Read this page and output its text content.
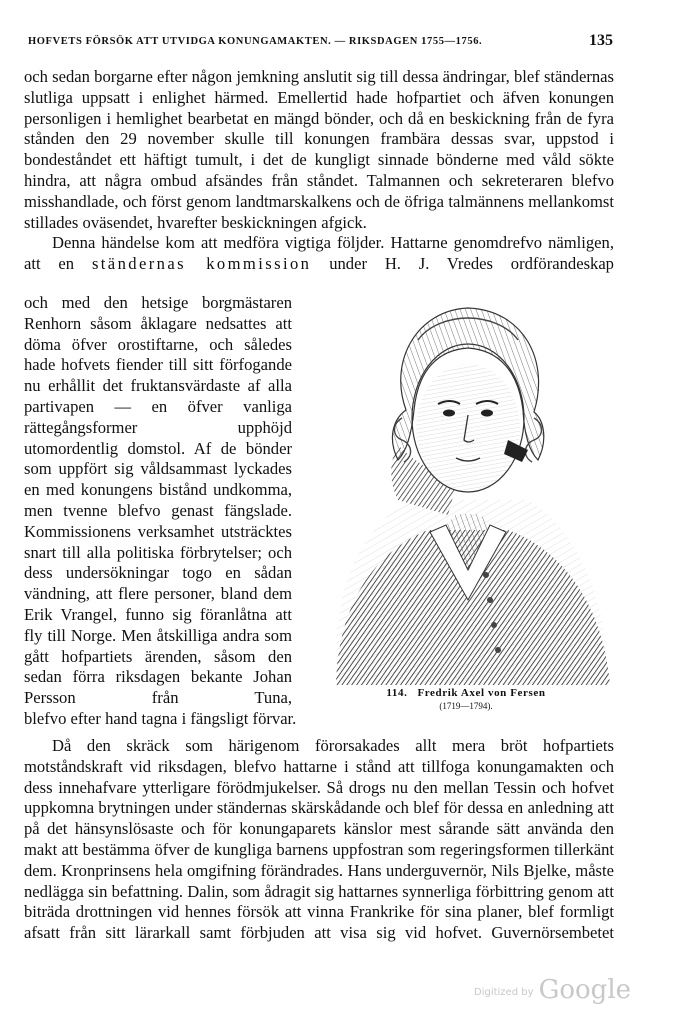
HOFVETS FÖRSÖK ATT UTVIDGA KONUNGAMAKTEN. — RIKSDAGEN 1755—1756.	135
och sedan borgarne efter någon jemkning anslutit sig till dessa ändringar, blef ständernas slutliga uppsatt i enlighet härmed. Emellertid hade hofpartiet och äfven konungen personligen i hemlighet bearbetat en mängd bönder, och då en beskickning från de fyra stånden den 29 november skulle till konungen frambära dessas svar, uppstod i bondeståndet ett häftigt tumult, i det de kungligt sinnade bönderne med våld sökte hindra, att några ombud afsändes från ståndet. Talmannen och sekreteraren blefvo misshandlade, och först genom landtmarskalkens och de öfriga talmännens mellankomst stillades oväsendet, hvarefter beskickningen afgick.
Denna händelse kom att medföra vigtiga följder. Hattarne genomdrefvo nämligen, att en ständernas kommission under H. J. Vredes ordförandeskap
och med den hetsige borgmästaren Renhorn såsom åklagare nedsattes att döma öfver orostiftarne, och således hade hofvets fiender till sitt förfogande nu erhållit det fruktansvärdaste af alla partivapen — en öfver vanliga rättegångsformer upphöjd utomordentlig domstol. Af de bönder som uppfört sig våldsammast lyckades en med konungens bistånd undkomma, men tvenne blefvo genast fängslade. Kommissionens verksamhet utsträcktes snart till alla politiska förbrytelser; och dess undersökningar togo en sådan vändning, att flere personer, bland dem Erik Vrangel, funno sig föranlåtna att fly till Norge. Men åtskilliga andra som gått hofpartiets ärenden, såsom den sedan förra riksdagen bekante Johan Persson från Tuna,	114. Fredrik Axel von Fersen
(1719—1794).
blefvo efter hand tagna i fängsligt förvar.
Då den skräck som härigenom förorsakades allt mera bröt hofpartiets motståndskraft vid riksdagen, blefvo hattarne i stånd att tillfoga konungamakten och dess innehafvare ytterligare förödmjukelser. Så drogs nu den mellan Tessin och hofvet uppkomna brytningen under ständernas skärskådande och blef för dessa en anledning att på det hänsynslösaste och för konungaparets känslor mest sårande sätt använda den makt att bestämma öfver de kungliga barnens uppfostran som regeringsformen tillerkänt dem. Kronprinsens hela omgifning förändrades. Hans underguvernör, Nils Bjelke, måste nedlägga sin befattning. Dalin, som ådragit sig hattarnes synnerliga förbittring genom att biträda drottningen vid hennes försök att vinna Frankrike för sina planer, blef formligt afsatt från sitt lärarkall samt förbjuden att visa sig vid hofvet. Guvernörsembetet
Digitized by Google
